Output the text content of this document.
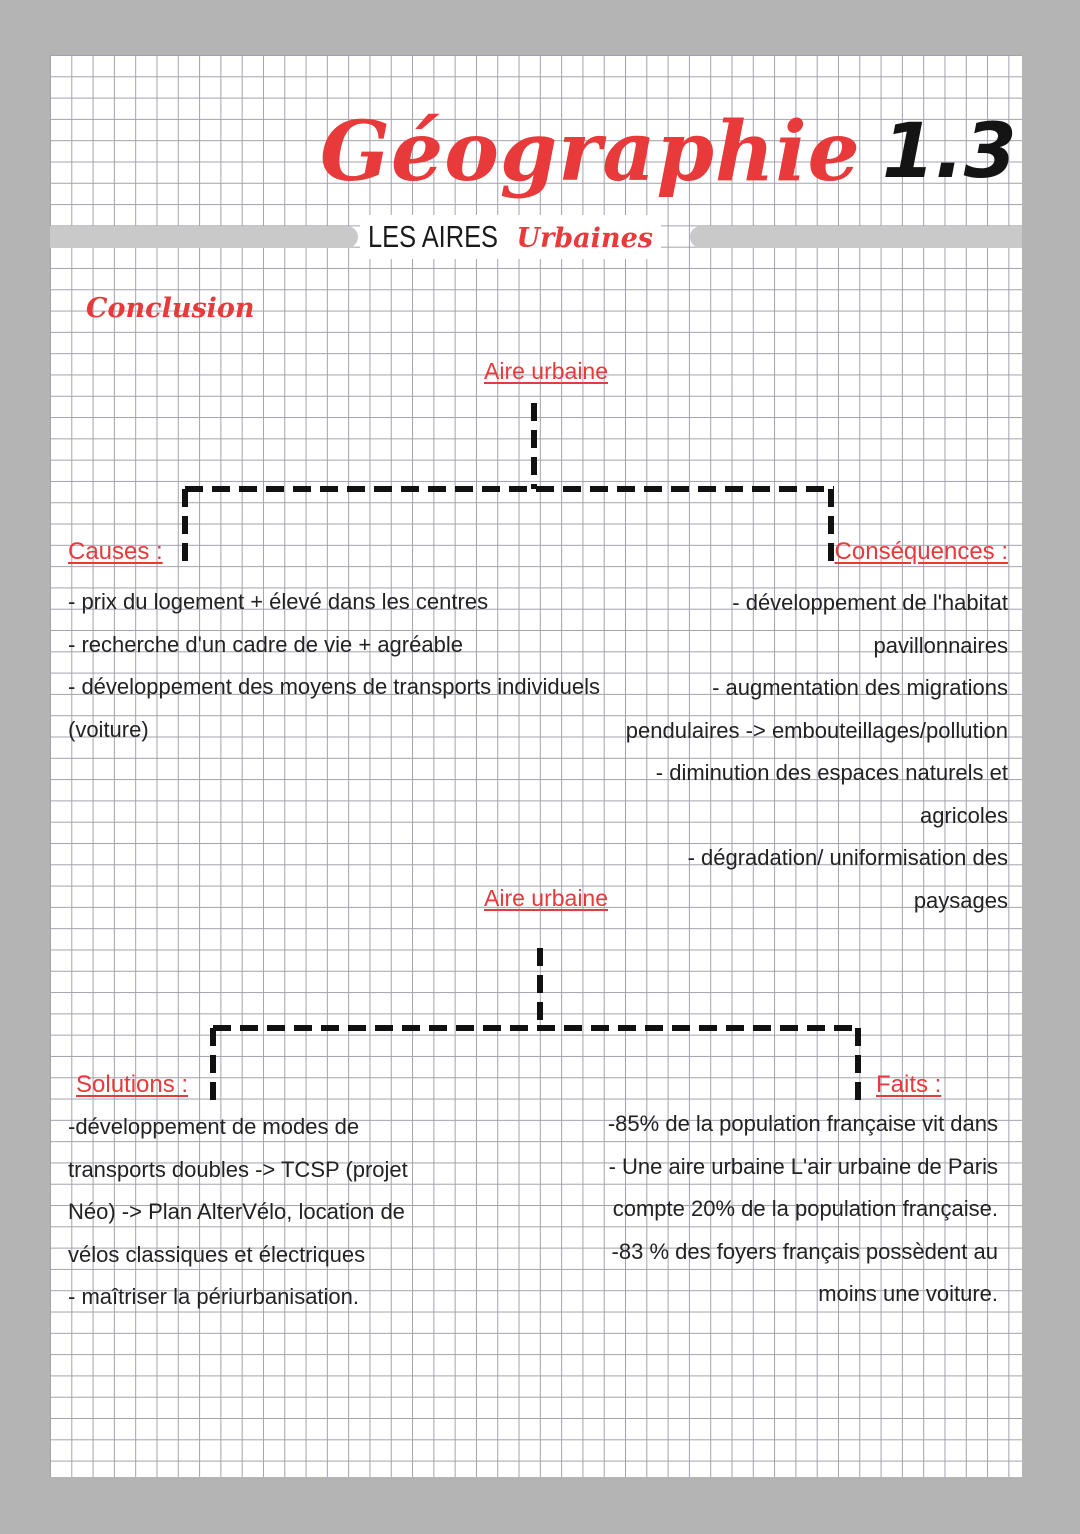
Géographie 1.3
LES AIRES Urbaines
Conclusion
Aire urbaine
Causes :
- prix du logement + élevé dans les centres
- recherche d'un cadre de vie + agréable
- développement des moyens de transports individuels
(voiture)
Conséquences :
- développement de l'habitat
pavillonnaires
- augmentation des migrations
pendulaires -> embouteillages/pollution
- diminution des espaces naturels et
agricoles
- dégradation/ uniformisation des
paysages
Aire urbaine
Solutions :
-développement de modes de
transports doubles -> TCSP (projet
Néo) -> Plan AlterVélo, location de
vélos classiques et électriques
- maîtriser la périurbanisation.
Faits :
-85% de la population française vit dans
- Une aire urbaine L'air urbaine de Paris
compte 20% de la population française.
-83 % des foyers français possèdent au
moins une voiture.
